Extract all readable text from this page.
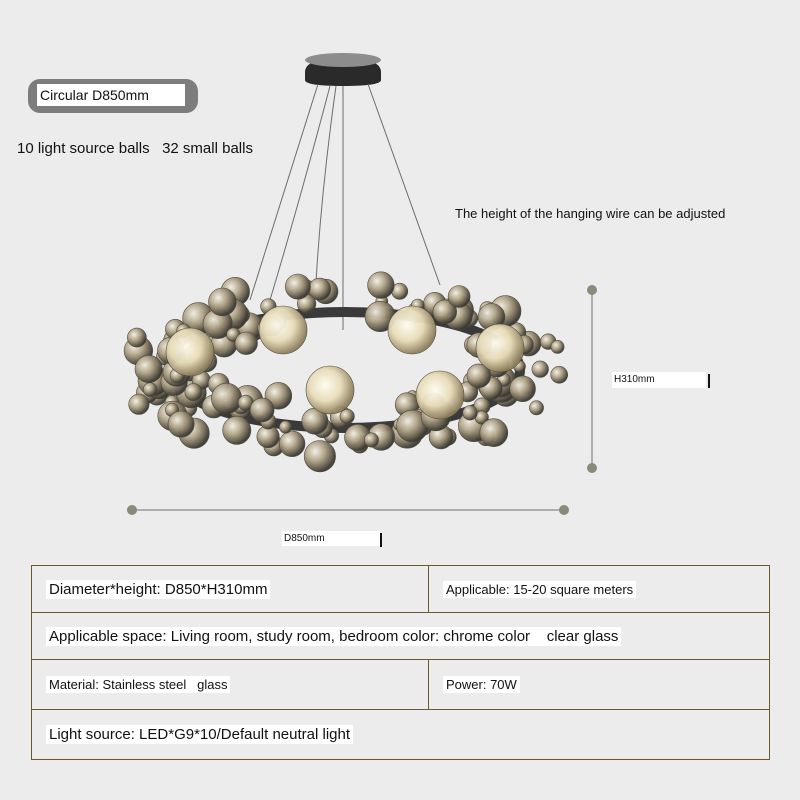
Circular D850mm
10 light source balls   32 small balls
The height of the hanging wire can be adjusted
H310mm
D850mm
Diameter*height: D850*H310mm	Applicable: 15-20 square meters
Applicable space: Living room, study room, bedroom color: chrome color    clear glass	
Material: Stainless steel   glass	Power: 70W
Light source: LED*G9*10/Default neutral light	
